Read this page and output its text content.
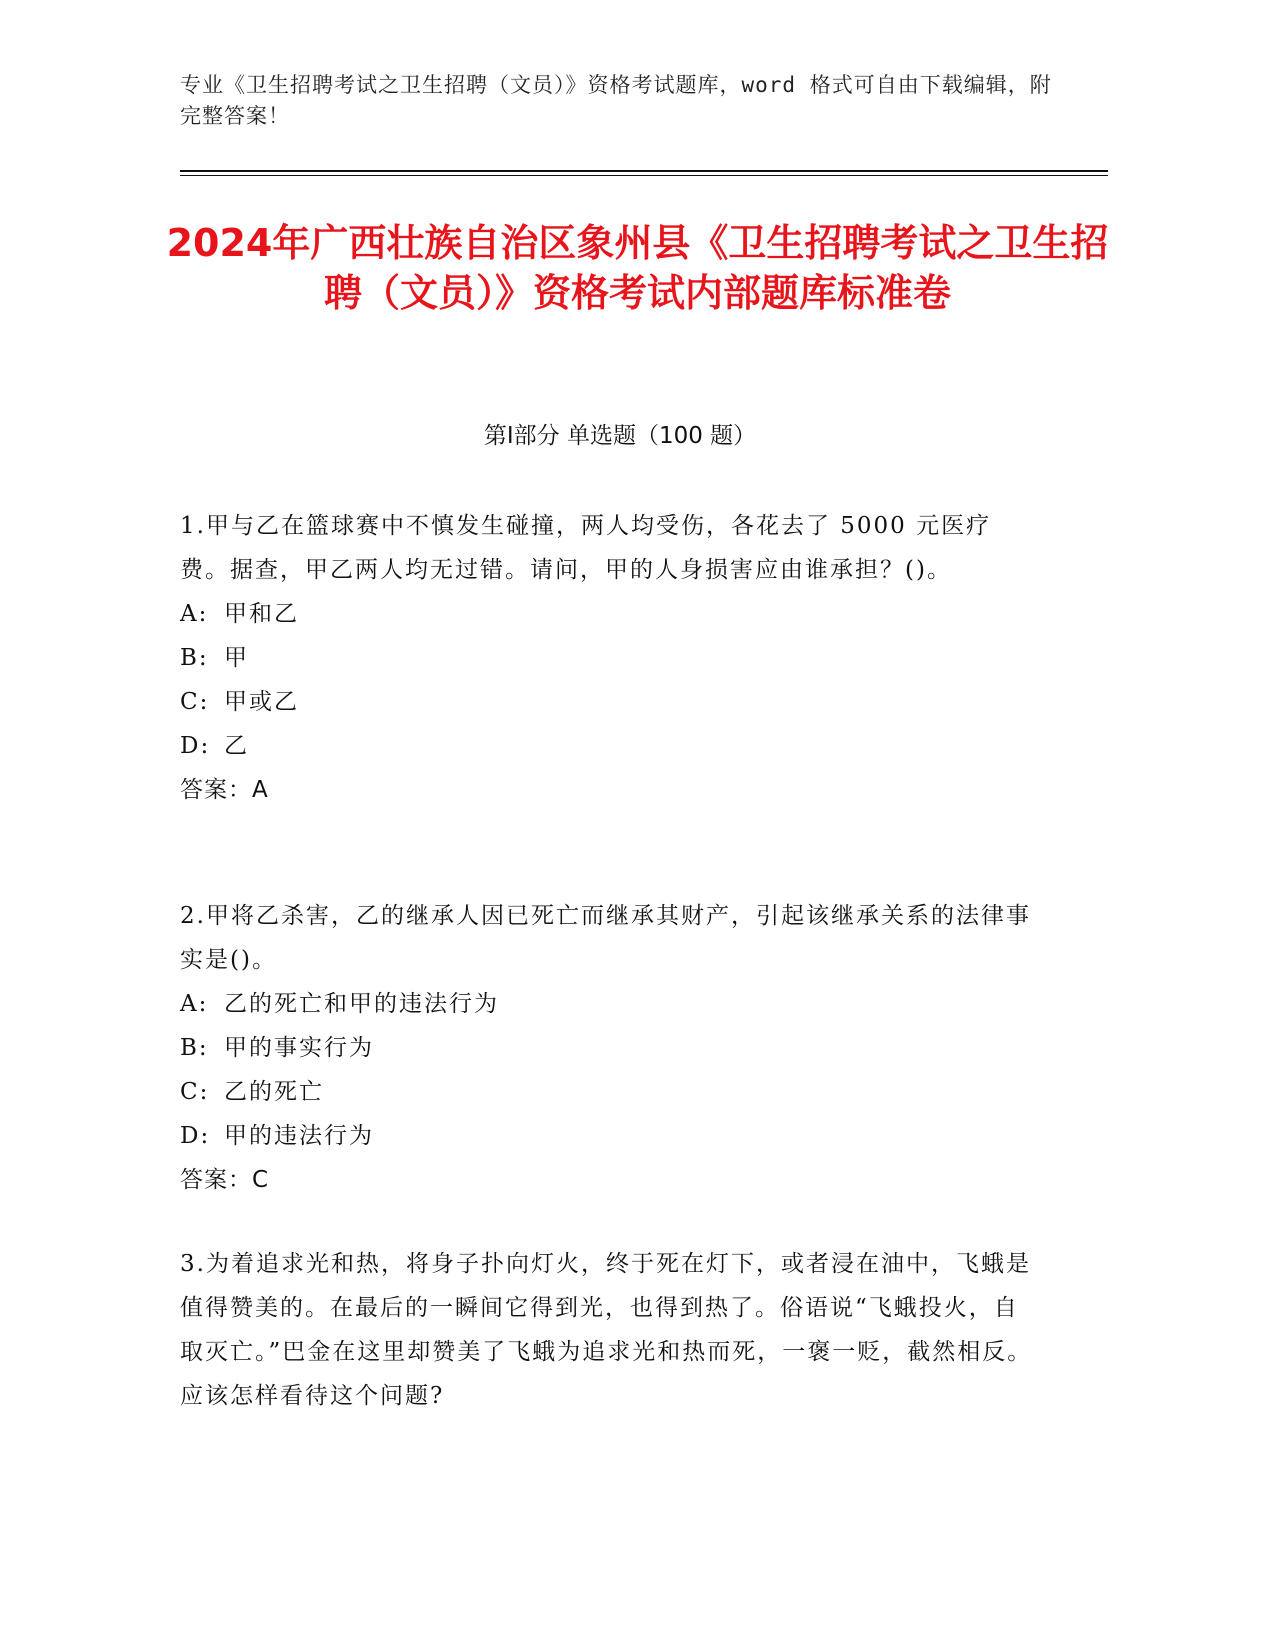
专业《卫生招聘考试之卫生招聘（文员）》资格考试题库，word 格式可自由下载编辑，附完整答案！
2024年广西壮族自治区象州县《卫生招聘考试之卫生招聘（文员）》资格考试内部题库标准卷
第Ⅰ部分 单选题（100 题）
1.甲与乙在篮球赛中不慎发生碰撞，两人均受伤，各花去了 5000 元医疗费。据查，甲乙两人均无过错。请问，甲的人身损害应由谁承担？()。
A: 甲和乙
B: 甲
C: 甲或乙
D: 乙
答案：A
2.甲将乙杀害，乙的继承人因已死亡而继承其财产，引起该继承关系的法律事实是()。
A: 乙的死亡和甲的违法行为
B: 甲的事实行为
C: 乙的死亡
D: 甲的违法行为
答案：C
3.为着追求光和热，将身子扑向灯火，终于死在灯下，或者浸在油中，飞蛾是值得赞美的。在最后的一瞬间它得到光，也得到热了。俗语说“飞蛾投火，自取灭亡。”巴金在这里却赞美了飞蛾为追求光和热而死，一褒一贬，截然相反。应该怎样看待这个问题?
